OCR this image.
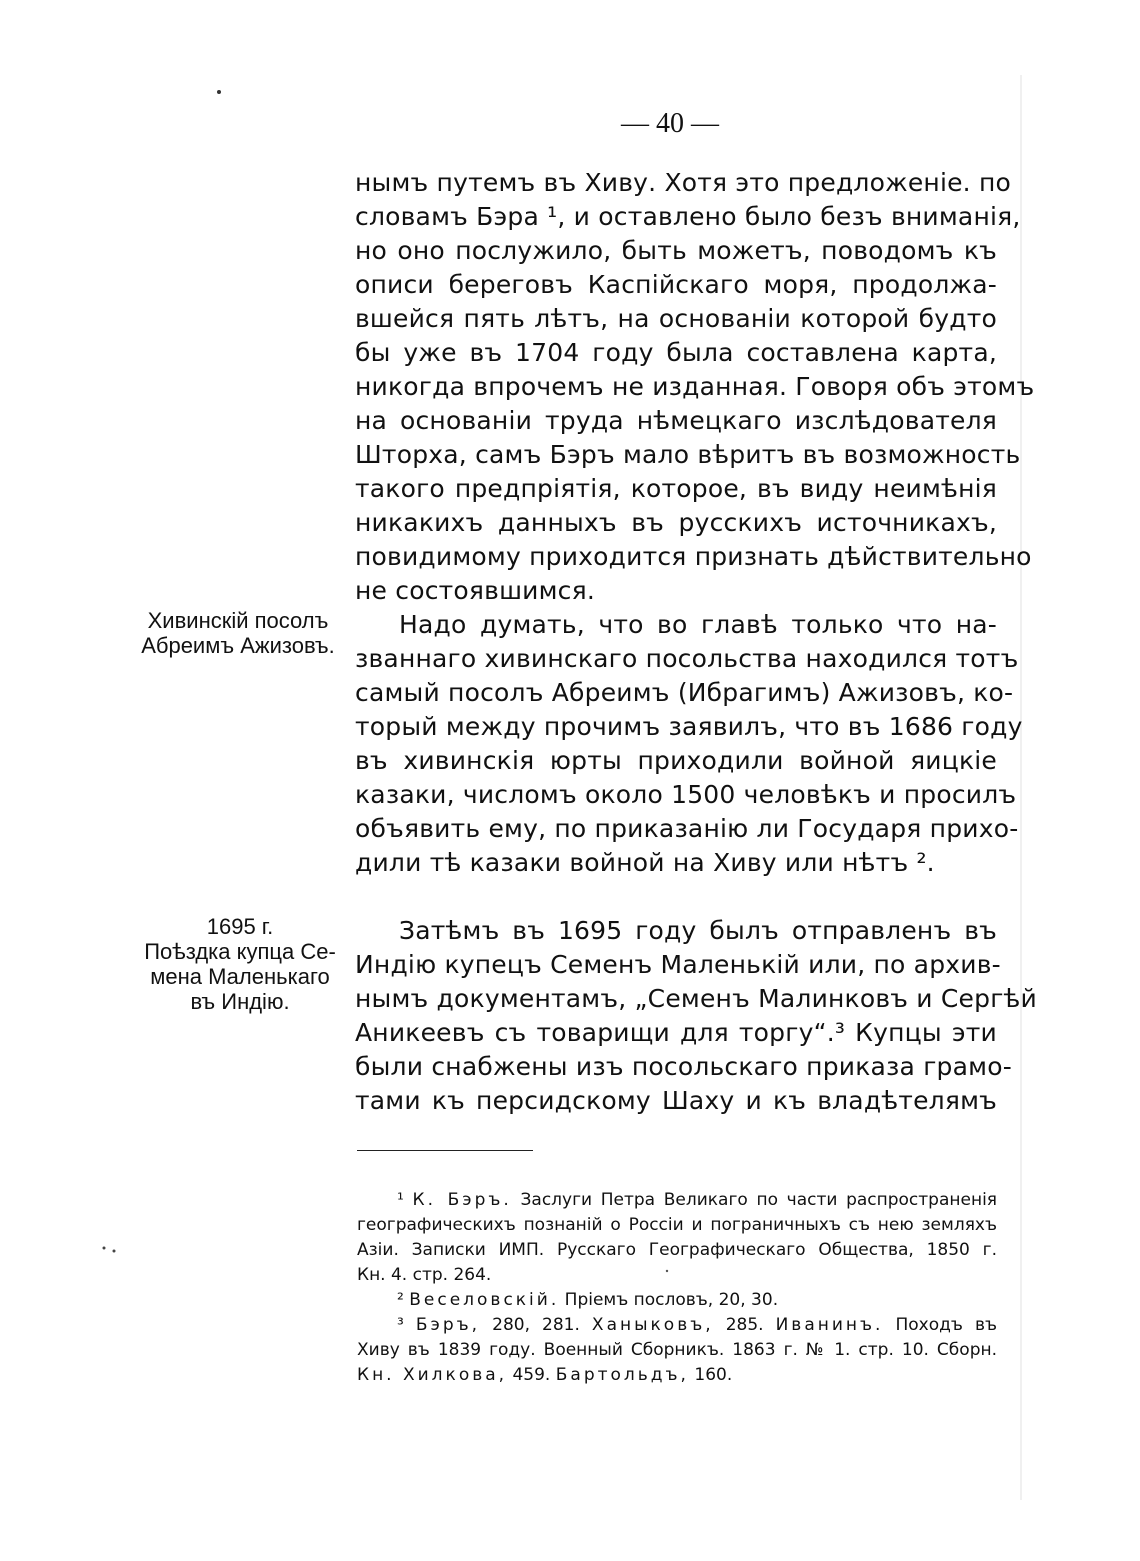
— 40 —
нымъ путемъ въ Хиву. Хотя это предложеніе. по
словамъ Бэра ¹, и оставлено было безъ вниманія,
но оно послужило, быть можетъ, поводомъ къ
описи береговъ Каспійскаго моря, продолжа-
вшейся пять лѣтъ, на основаніи которой будто
бы уже въ 1704 году была составлена карта,
никогда впрочемъ не изданная. Говоря объ этомъ
на основаніи труда нѣмецкаго изслѣдователя
Шторха, самъ Бэръ мало вѣритъ въ возможность
такого предпріятія, которое, въ виду неимѣнія
никакихъ данныхъ въ русскихъ источникахъ,
повидимому приходится признать дѣйствительно
не состоявшимся.
Хивинскій посолъ
Абреимъ Ажизовъ.
Надо думать, что во главѣ только что на-
званнаго хивинскаго посольства находился тотъ
самый посолъ Абреимъ (Ибрагимъ) Ажизовъ, ко-
торый между прочимъ заявилъ, что въ 1686 году
въ хивинскія юрты приходили войной яицкіе
казаки, числомъ около 1500 человѣкъ и просилъ
объявить ему, по приказанію ли Государя прихо-
дили тѣ казаки войной на Хиву или нѣтъ ².
1695 г.
Поѣздка купца Се-
мена Маленькаго
въ Индію.
Затѣмъ въ 1695 году былъ отправленъ въ
Индію купецъ Семенъ Маленькій или, по архив-
нымъ документамъ, „Семенъ Малинковъ и Сергѣй
Аникеевъ съ товарищи для торгу“.³ Купцы эти
были снабжены изъ посольскаго приказа грамо-
тами къ персидскому Шаху и къ владѣтелямъ
¹ К. Бэръ. Заслуги Петра Великаго по части распространенія
географическихъ познаній о Россіи и пограничныхъ съ нею земляхъ
Азіи. Записки ИМП. Русскаго Географическаго Общества, 1850 г.
Кн. 4. стр. 264.
² Веселовскій. Пріемъ пословъ, 20, 30.
³ Бэръ, 280, 281. Ханыковъ, 285. Иванинъ. Походъ въ
Хиву въ 1839 году. Военный Сборникъ. 1863 г. № 1. стр. 10. Сборн.
Кн. Хилкова, 459. Бартольдъ, 160.
